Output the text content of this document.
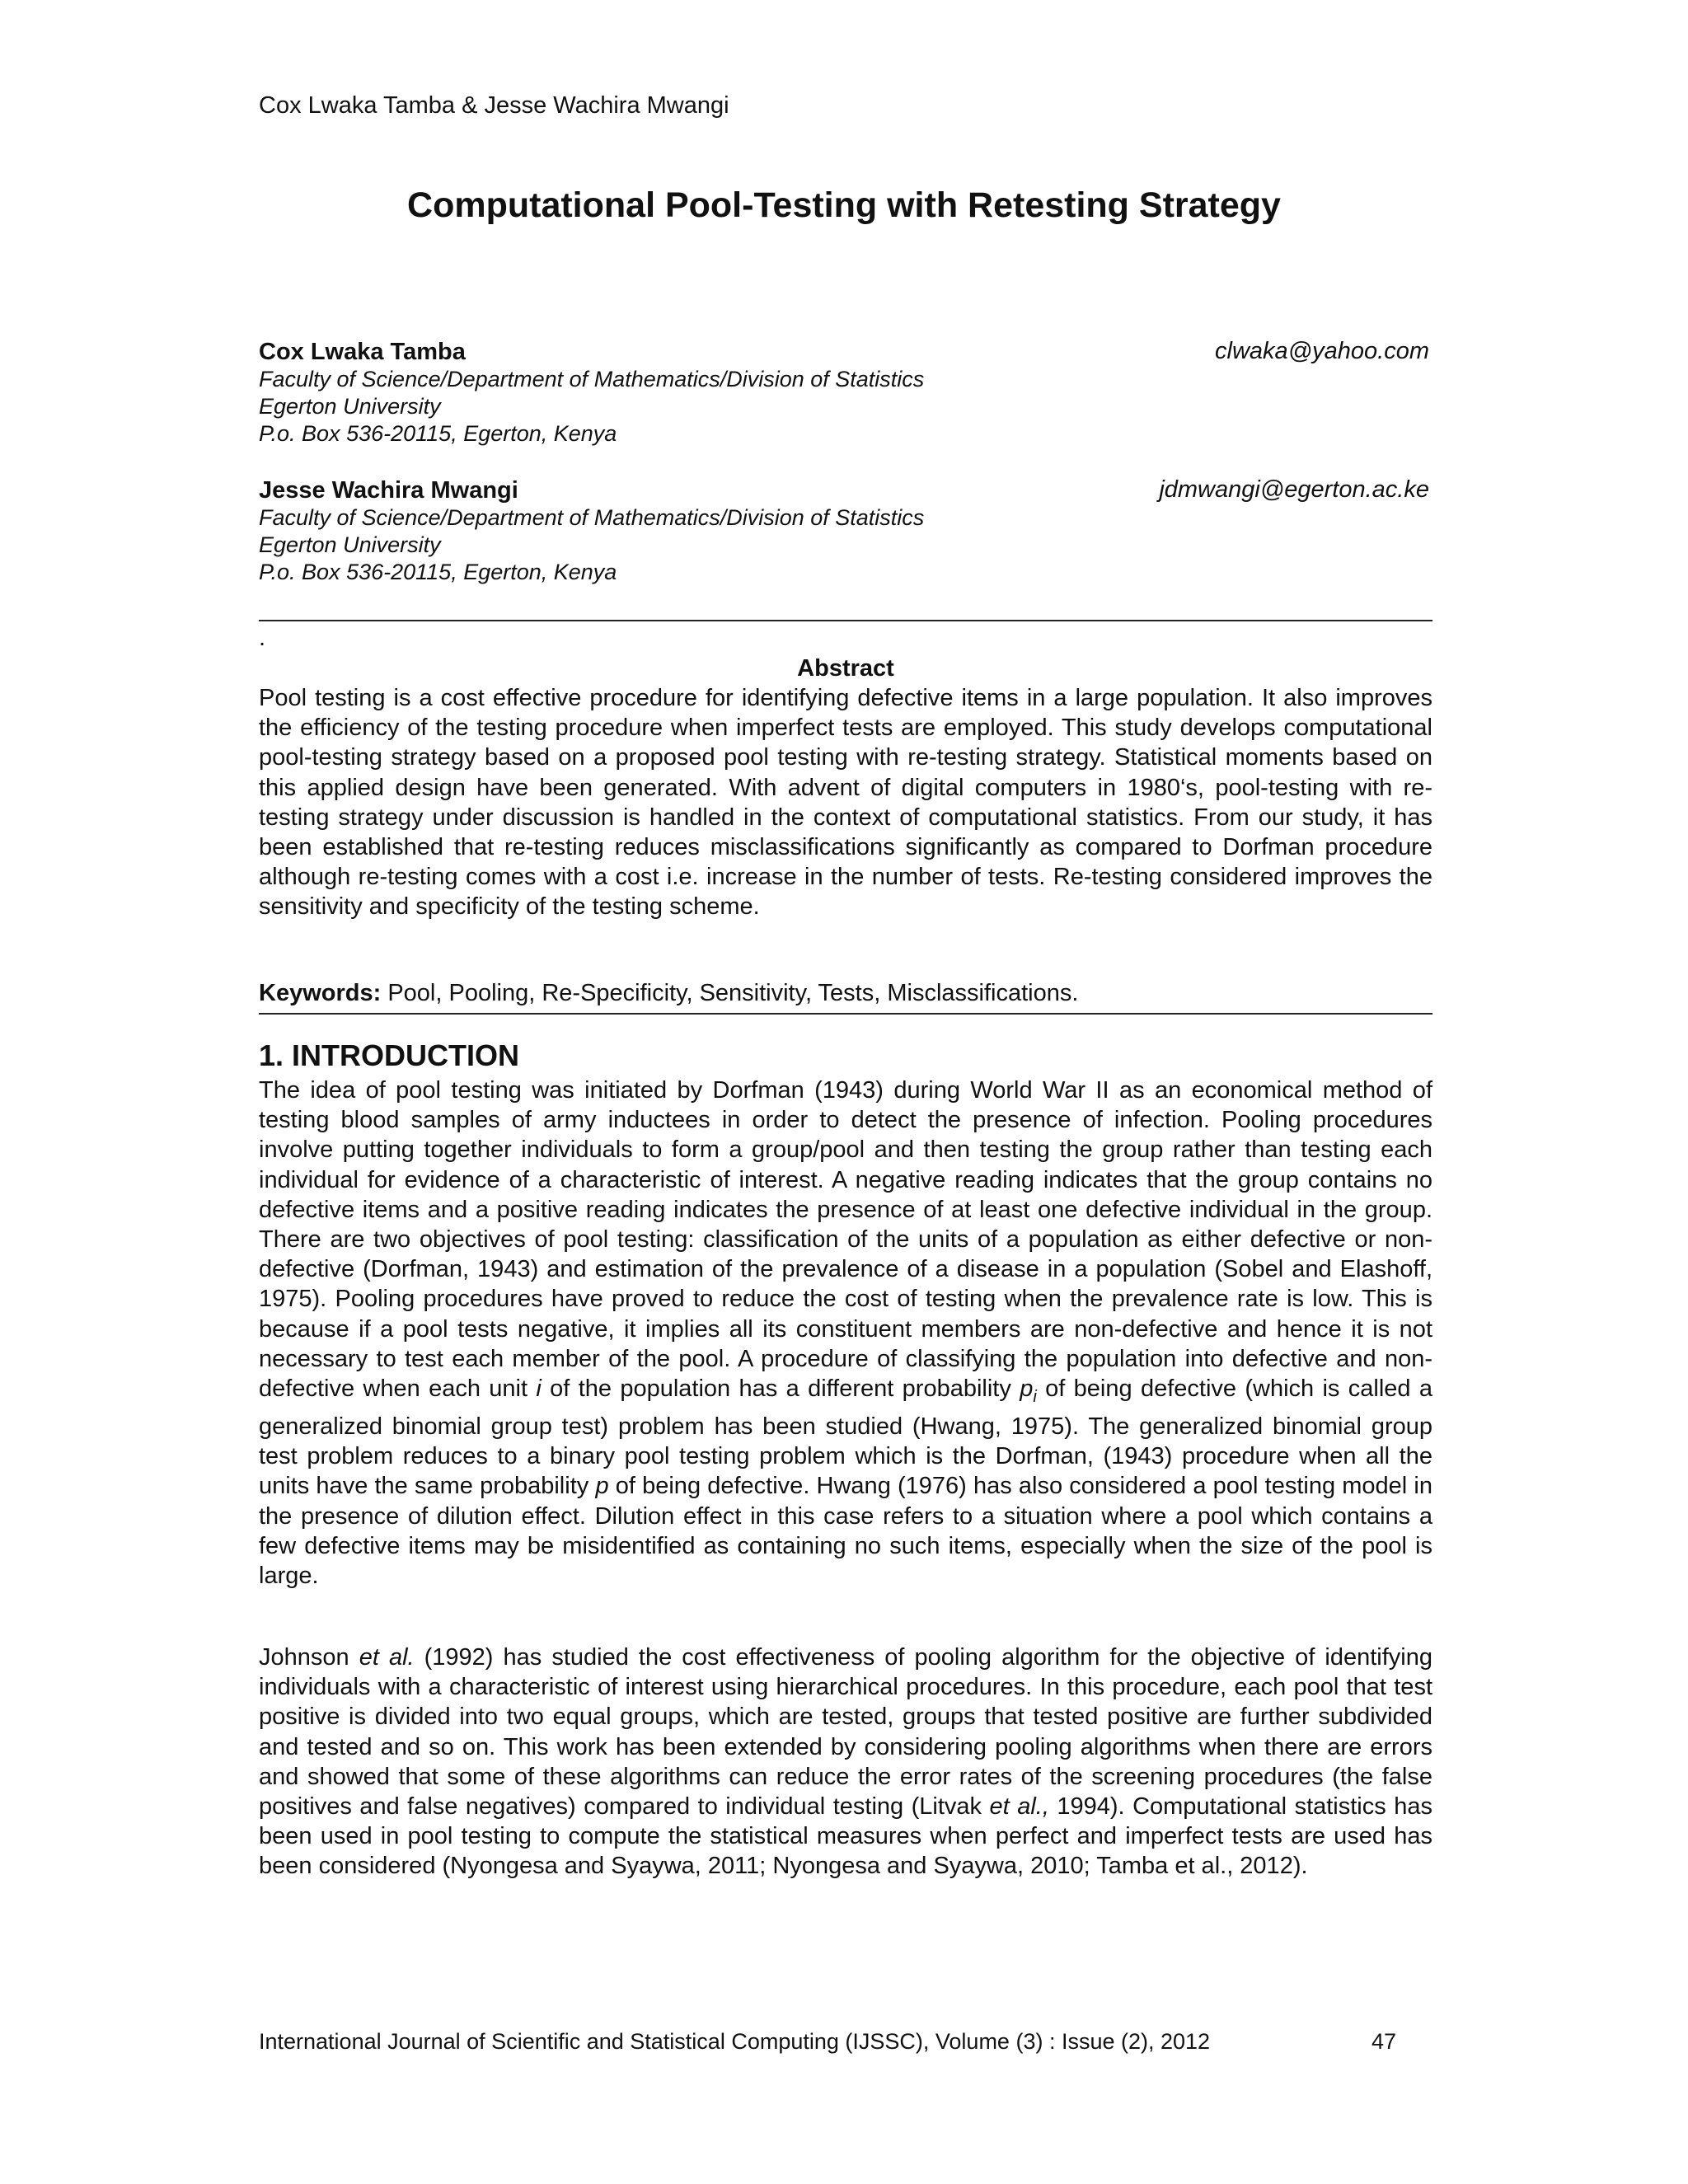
Cox Lwaka Tamba & Jesse Wachira Mwangi
Computational Pool-Testing with Retesting Strategy
Cox Lwaka Tamba
Faculty of Science/Department of Mathematics/Division of Statistics
Egerton University
P.o. Box 536-20115, Egerton, Kenya
clwaka@yahoo.com
Jesse Wachira Mwangi
Faculty of Science/Department of Mathematics/Division of Statistics
Egerton University
P.o. Box 536-20115, Egerton, Kenya
jdmwangi@egerton.ac.ke
.
Abstract

Pool testing is a cost effective procedure for identifying defective items in a large population. It also improves the efficiency of the testing procedure when imperfect tests are employed. This study develops computational pool-testing strategy based on a proposed pool testing with re-testing strategy. Statistical moments based on this applied design have been generated. With advent of digital computers in 1980‘s, pool-testing with re-testing strategy under discussion is handled in the context of computational statistics. From our study, it has been established that re-testing reduces misclassifications significantly as compared to Dorfman procedure although re-testing comes with a cost i.e. increase in the number of tests. Re-testing considered improves the sensitivity and specificity of the testing scheme.

Keywords: Pool, Pooling, Re-Specificity, Sensitivity, Tests, Misclassifications.
1. INTRODUCTION

The idea of pool testing was initiated by Dorfman (1943) during World War II as an economical method of testing blood samples of army inductees in order to detect the presence of infection. Pooling procedures involve putting together individuals to form a group/pool and then testing the group rather than testing each individual for evidence of a characteristic of interest. A negative reading indicates that the group contains no defective items and a positive reading indicates the presence of at least one defective individual in the group. There are two objectives of pool testing: classification of the units of a population as either defective or non-defective (Dorfman, 1943) and estimation of the prevalence of a disease in a population (Sobel and Elashoff, 1975). Pooling procedures have proved to reduce the cost of testing when the prevalence rate is low. This is because if a pool tests negative, it implies all its constituent members are non-defective and hence it is not necessary to test each member of the pool. A procedure of classifying the population into defective and non-defective when each unit i of the population has a different probability $p_i$ of being defective (which is called a generalized binomial group test) problem has been studied (Hwang, 1975). The generalized binomial group test problem reduces to a binary pool testing problem which is the Dorfman, (1943) procedure when all the units have the same probability p of being defective. Hwang (1976) has also considered a pool testing model in the presence of dilution effect. Dilution effect in this case refers to a situation where a pool which contains a few defective items may be misidentified as containing no such items, especially when the size of the pool is large.

Johnson et al. (1992) has studied the cost effectiveness of pooling algorithm for the objective of identifying individuals with a characteristic of interest using hierarchical procedures. In this procedure, each pool that test positive is divided into two equal groups, which are tested, groups that tested positive are further subdivided and tested and so on. This work has been extended by considering pooling algorithms when there are errors and showed that some of these algorithms can reduce the error rates of the screening procedures (the false positives and false negatives) compared to individual testing (Litvak et al., 1994). Computational statistics has been used in pool testing to compute the statistical measures when perfect and imperfect tests are used has been considered (Nyongesa and Syaywa, 2011; Nyongesa and Syaywa, 2010; Tamba et al., 2012).

International Journal of Scientific and Statistical Computing (IJSSC), Volume (3) : Issue (2), 2012	47
